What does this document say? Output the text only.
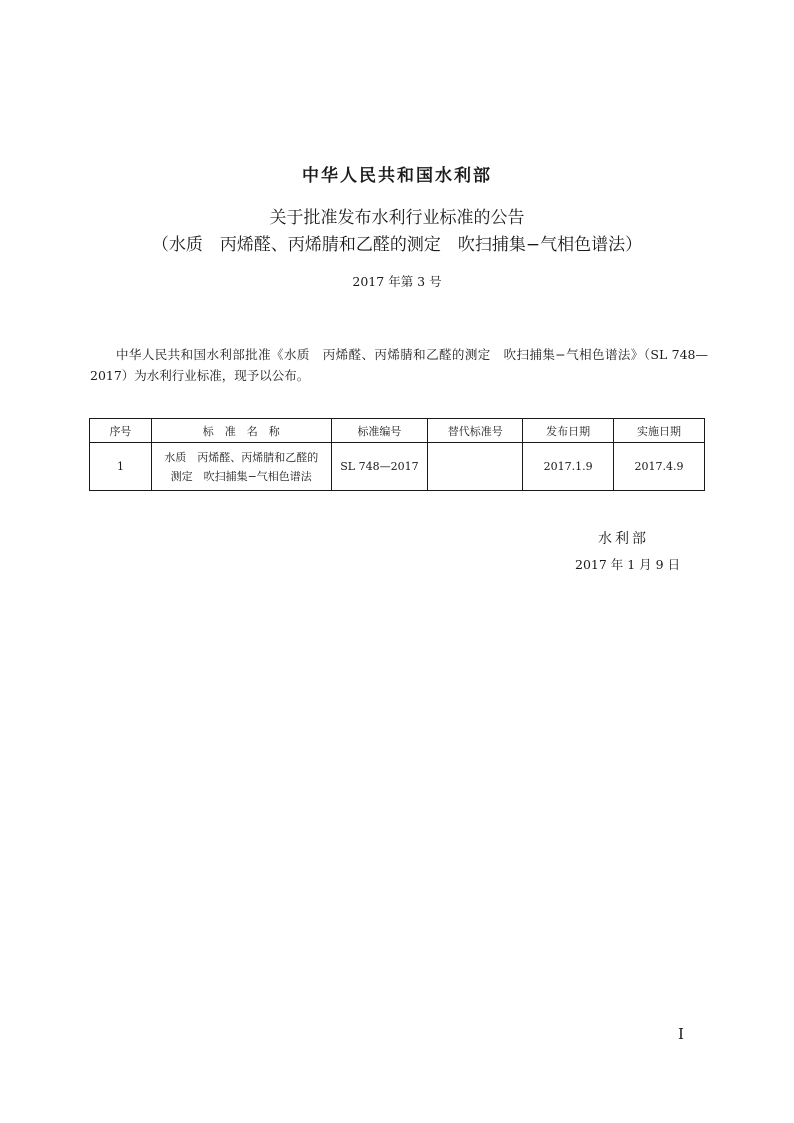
中华人民共和国水利部
关于批准发布水利行业标准的公告
（水质　丙烯醛、丙烯腈和乙醛的测定　吹扫捕集−气相色谱法）
2017 年第 3 号

中华人民共和国水利部批准《水质　丙烯醛、丙烯腈和乙醛的测定　吹扫捕集−气相色谱法》（SL 748—2017）为水利行业标准，现予以公布。

序号	标　准　名　称	标准编号	替代标准号	发布日期	实施日期
1	水质　丙烯醛、丙烯腈和乙醛的
测定　吹扫捕集−气相色谱法	SL 748—2017		2017.1.9	2017.4.9
水利部
2017 年 1 月 9 日
I
